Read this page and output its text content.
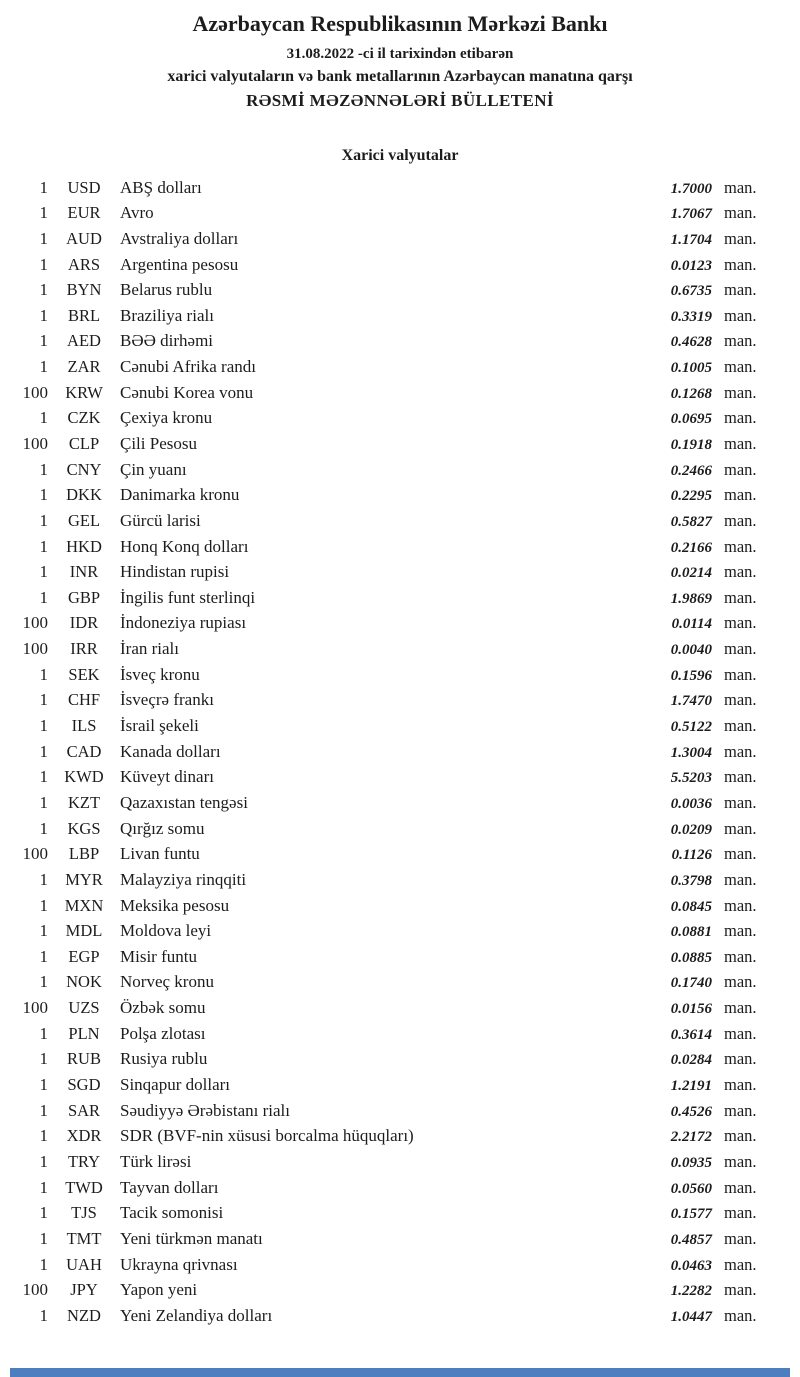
Azərbaycan Respublikasının Mərkəzi Bankı
31.08.2022 -ci il tarixindən etibarən
xarici valyutaların və bank metallarının Azərbaycan manatına qarşı
RƏSMİ MƏZƏNNƏLƏRİ BÜLLETENİ
Xarici valyutalar
1	USD	ABŞ dolları	1.7000 man.
1	EUR	Avro	1.7067 man.
1	AUD	Avstraliya dolları	1.1704 man.
1	ARS	Argentina pesosu	0.0123 man.
1	BYN	Belarus rublu	0.6735 man.
1	BRL	Braziliya rialı	0.3319 man.
1	AED	BƏƏ dirhəmi	0.4628 man.
1	ZAR	Cənubi Afrika randı	0.1005 man.
100	KRW	Cənubi Korea vonu	0.1268 man.
1	CZK	Çexiya kronu	0.0695 man.
100	CLP	Çili Pesosu	0.1918 man.
1	CNY	Çin yuanı	0.2466 man.
1	DKK	Danimarka kronu	0.2295 man.
1	GEL	Gürcü larisi	0.5827 man.
1	HKD	Honq Konq dolları	0.2166 man.
1	INR	Hindistan rupisi	0.0214 man.
1	GBP	İngilis funt sterlinqi	1.9869 man.
100	IDR	İndoneziya rupiası	0.0114 man.
100	IRR	İran rialı	0.0040 man.
1	SEK	İsveç kronu	0.1596 man.
1	CHF	İsveçrə frankı	1.7470 man.
1	ILS	İsrail şekeli	0.5122 man.
1	CAD	Kanada dolları	1.3004 man.
1 KWD Küveyt dinarı	5.5203 man.
1	KZT	Qazaxıstan tengəsi	0.0036 man.
1	KGS	Qırğız somu	0.0209 man.
100	LBP	Livan funtu	0.1126 man.
1	MYR	Malayziya rinqqiti	0.3798 man.
1	MXN Meksika pesosu	0.0845 man.
1	MDL	Moldova leyi	0.0881 man.
1	EGP	Misir funtu	0.0885 man.
1	NOK	Norveç kronu	0.1740 man.
100	UZS	Özbək somu	0.0156 man.
1	PLN	Polşa zlotası	0.3614 man.
1	RUB	Rusiya rublu	0.0284 man.
1	SGD	Sinqapur dolları	1.2191 man.
1	SAR	Səudiyyə Ərəbistanı rialı	0.4526 man.
1	XDR	SDR (BVF-nin xüsusi borcalma hüquqları)	2.2172 man.
1	TRY	Türk lirəsi	0.0935 man.
1	TWD	Tayvan dolları	0.0560 man.
1	TJS	Tacik somonisi	0.1577 man.
1	TMT	Yeni türkmən manatı	0.4857 man.
1	UAH	Ukrayna qrivnası	0.0463 man.
100	JPY	Yapon yeni	1.2282 man.
1	NZD	Yeni Zelandiya dolları	1.0447 man.
